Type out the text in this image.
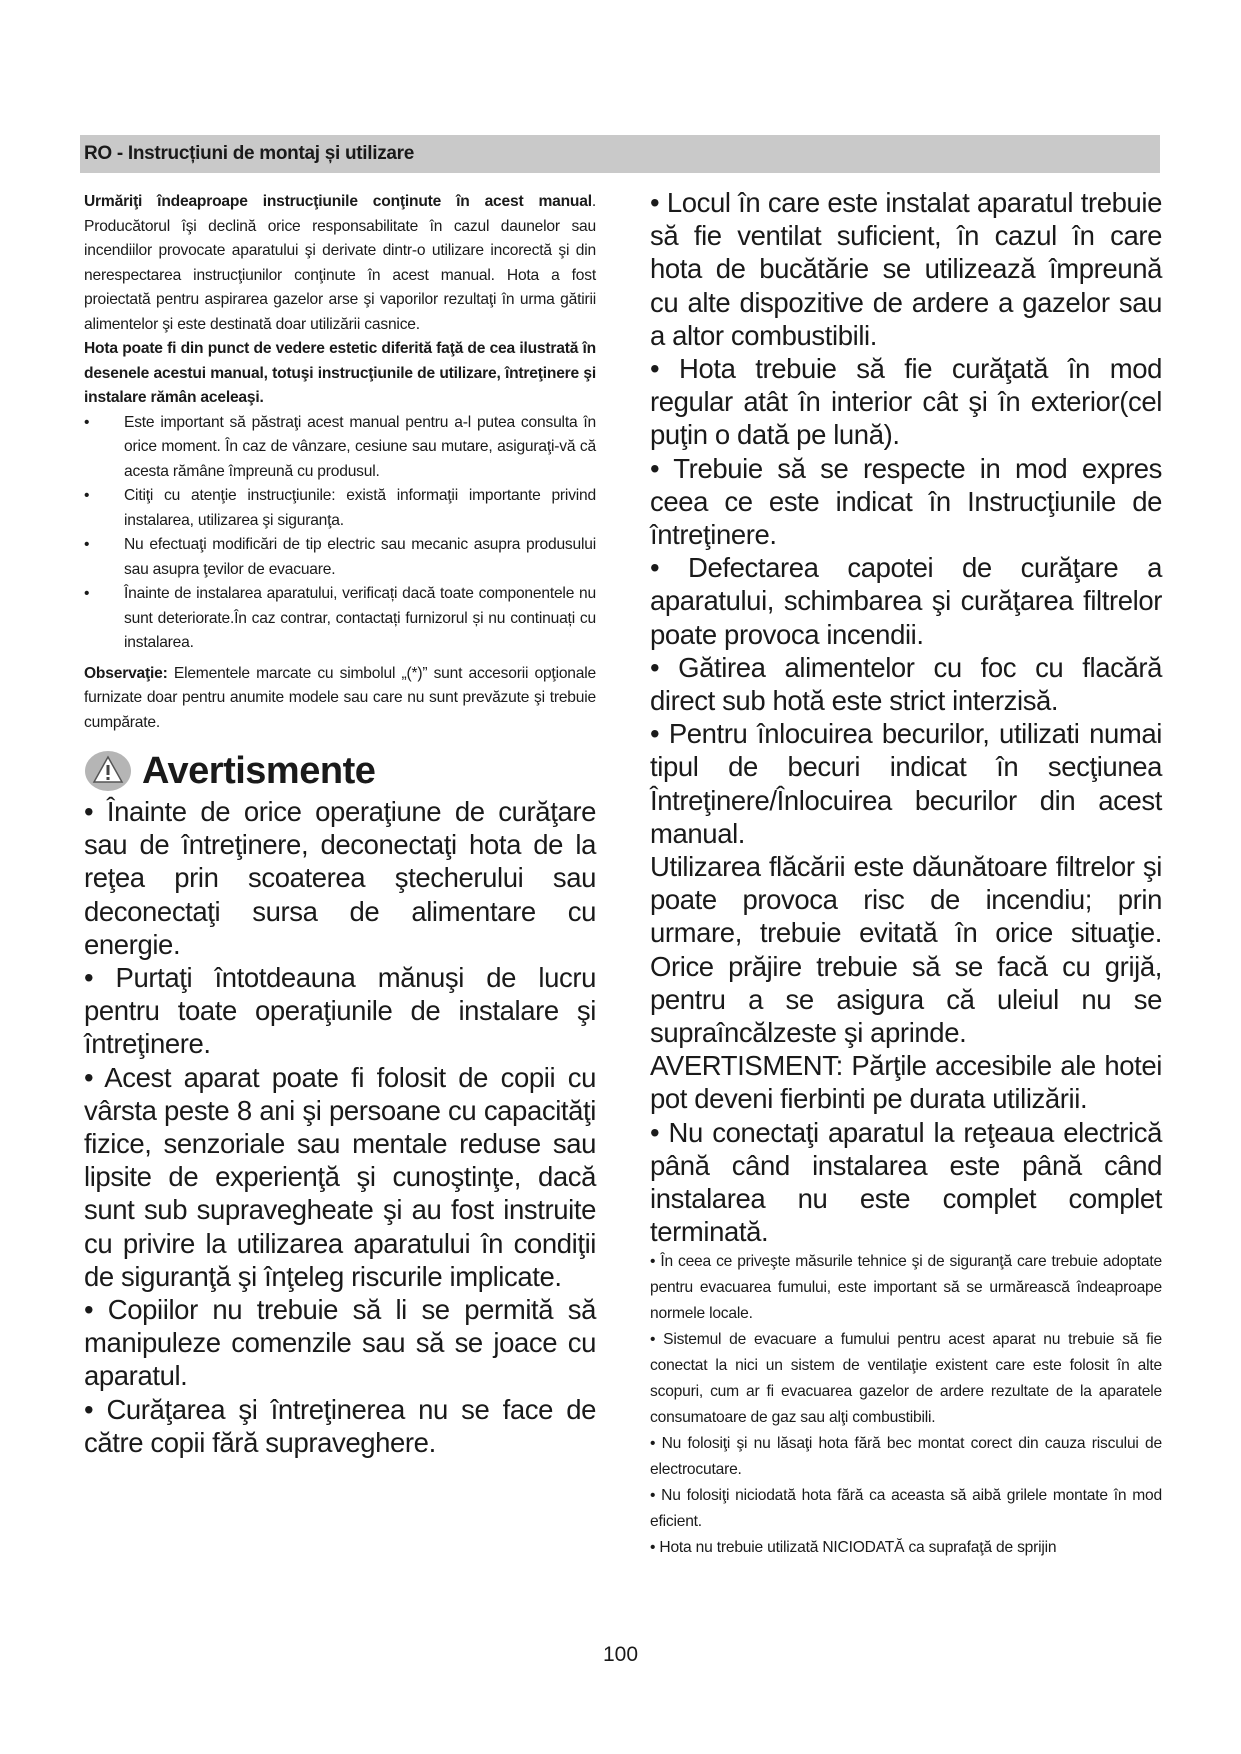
RO - Instrucțiuni de montaj și utilizare

Urmăriţi îndeaproape instrucţiunile conţinute în acest manual. Producătorul îşi declină orice responsabilitate în cazul daunelor sau incendiilor provocate aparatului şi derivate dintr-o utilizare incorectă şi din nerespectarea instrucţiunilor conţinute în acest manual. Hota a fost proiectată pentru aspirarea gazelor arse şi vaporilor rezultaţi în urma gătirii alimentelor şi este destinată doar utilizării casnice.

Hota poate fi din punct de vedere estetic diferită faţă de cea ilustrată în desenele acestui manual, totuşi instrucţiunile de utilizare, întreţinere şi instalare rămân aceleaşi.

• Este important să păstraţi acest manual pentru a-l putea consulta în orice moment. În caz de vânzare, cesiune sau mutare, asiguraţi-vă că acesta rămâne împreună cu produsul.
• Citiţi cu atenţie instrucţiunile: există informaţii importante privind instalarea, utilizarea şi siguranţa.
• Nu efectuaţi modificări de tip electric sau mecanic asupra produsului sau asupra ţevilor de evacuare.
• Înainte de instalarea aparatului, verificați dacă toate componentele nu sunt deteriorate.În caz contrar, contactați furnizorul și nu continuați cu instalarea.

Observaţie: Elementele marcate cu simbolul „(*)” sunt accesorii opţionale furnizate doar pentru anumite modele sau care nu sunt prevăzute şi trebuie cumpărate.

Avertismente

• Înainte de orice operaţiune de curăţare sau de întreţinere, deconectaţi hota de la reţea prin scoaterea ştecherului sau deconectaţi sursa de alimentare cu energie.

• Purtaţi întotdeauna mănuşi de lucru pentru toate operaţiunile de instalare şi întreţinere.

• Acest aparat poate fi folosit de copii cu vârsta peste 8 ani şi persoane cu capacităţi fizice, senzoriale sau mentale reduse sau lipsite de experienţă şi cunoştinţe, dacă sunt sub supravegheate şi au fost instruite cu privire la utilizarea aparatului în condiţii de siguranţă şi înţeleg riscurile implicate.

• Copiilor nu trebuie să li se permită să manipuleze comenzile sau să se joace cu aparatul.

• Curăţarea şi întreţinerea nu se face de către copii fără supraveghere.

• Locul în care este instalat aparatul trebuie să fie ventilat suficient, în cazul în care hota de bucătărie se utilizează împreună cu alte dispozitive de ardere a gazelor sau a altor combustibili.

• Hota trebuie să fie curăţată în mod regular atât în interior cât şi în exterior(cel puţin o dată pe lună).

• Trebuie să se respecte in mod expres ceea ce este indicat în Instrucţiunile de întreţinere.

• Defectarea capotei de curăţare a aparatului, schimbarea şi curăţarea filtrelor poate provoca incendii.

• Gătirea alimentelor cu foc cu flacără direct sub hotă este strict interzisă.

• Pentru înlocuirea becurilor, utilizati numai tipul de becuri indicat în secţiunea Întreţinere/Înlocuirea becurilor din acest manual.

Utilizarea flăcării este dăunătoare filtrelor şi poate provoca risc de incendiu; prin urmare, trebuie evitată în orice situaţie. Orice prăjire trebuie să se facă cu grijă, pentru a se asigura că uleiul nu se supraîncălzeste şi aprinde.

AVERTISMENT: Părţile accesibile ale hotei pot deveni fierbinti pe durata utilizării.

• Nu conectaţi aparatul la reţeaua electrică până când instalarea este până când instalarea nu este complet complet terminată.

• În ceea ce priveşte măsurile tehnice şi de siguranţă care trebuie adoptate pentru evacuarea fumului, este important să se urmărească îndeaproape normele locale.

• Sistemul de evacuare a fumului pentru acest aparat nu trebuie să fie conectat la nici un sistem de ventilaţie existent care este folosit în alte scopuri, cum ar fi evacuarea gazelor de ardere rezultate de la aparatele consumatoare de gaz sau alţi combustibili.

• Nu folosiţi şi nu lăsaţi hota fără bec montat corect din cauza riscului de electrocutare.

• Nu folosiţi niciodată hota fără ca aceasta să aibă grilele montate în mod eficient.

• Hota nu trebuie utilizată NICIODATĂ ca suprafaţă de sprijin

100
